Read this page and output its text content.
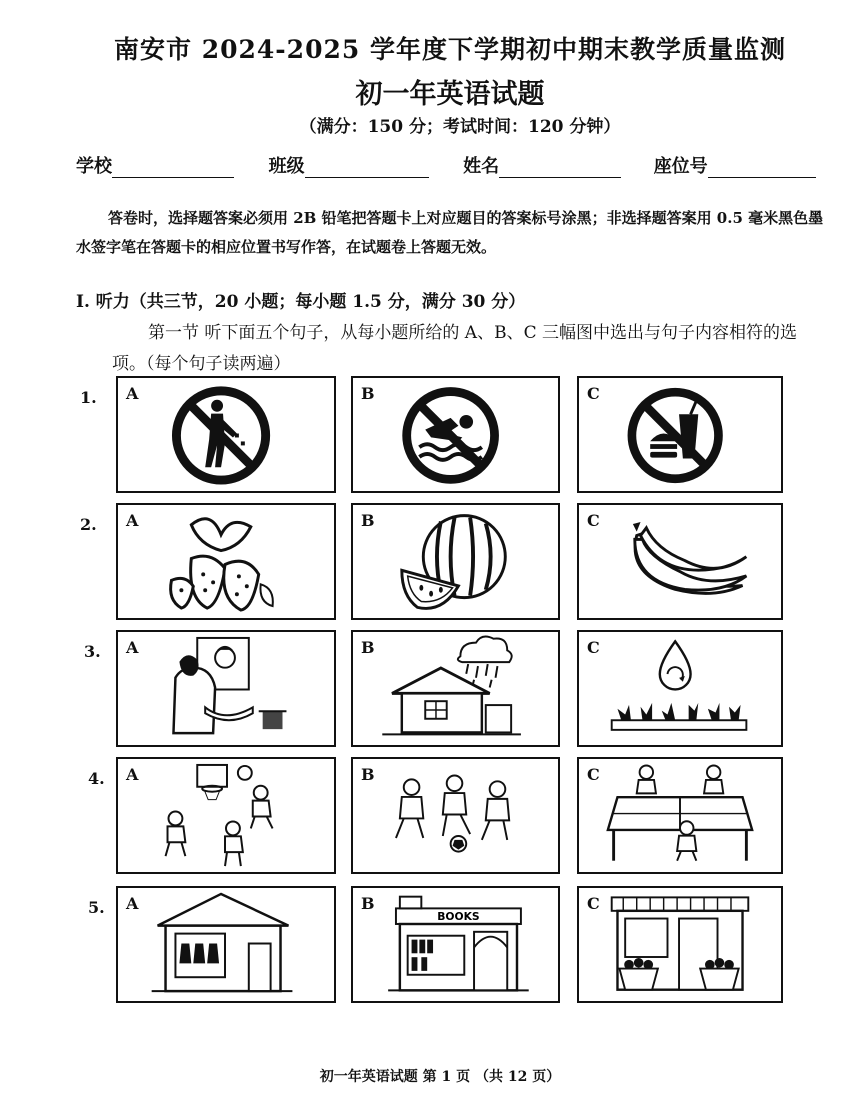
南安市 2024-2025 学年度下学期初中期末教学质量监测
初一年英语试题
（满分：150 分；考试时间：120 分钟）
学校	班级	姓名	座位号
答卷时，选择题答案必须用 2B 铅笔把答题卡上对应题目的答案标号涂黑；非选择题答案用 0.5 毫米黑色墨水签字笔在答题卡的相应位置书写作答，在试题卷上答题无效。
I. 听力（共三节，20 小题；每小题 1.5 分，满分 30 分）
第一节 听下面五个句子，从每小题所给的 A、B、C 三幅图中选出与句子内容相符的选项。（每个句子读两遍）
1. A	B	C
2. A	B	C
3. A	B	C
4. A	B	C
5. A
BOOKS
B	C
初一年英语试题 第 1 页 （共 12 页）
